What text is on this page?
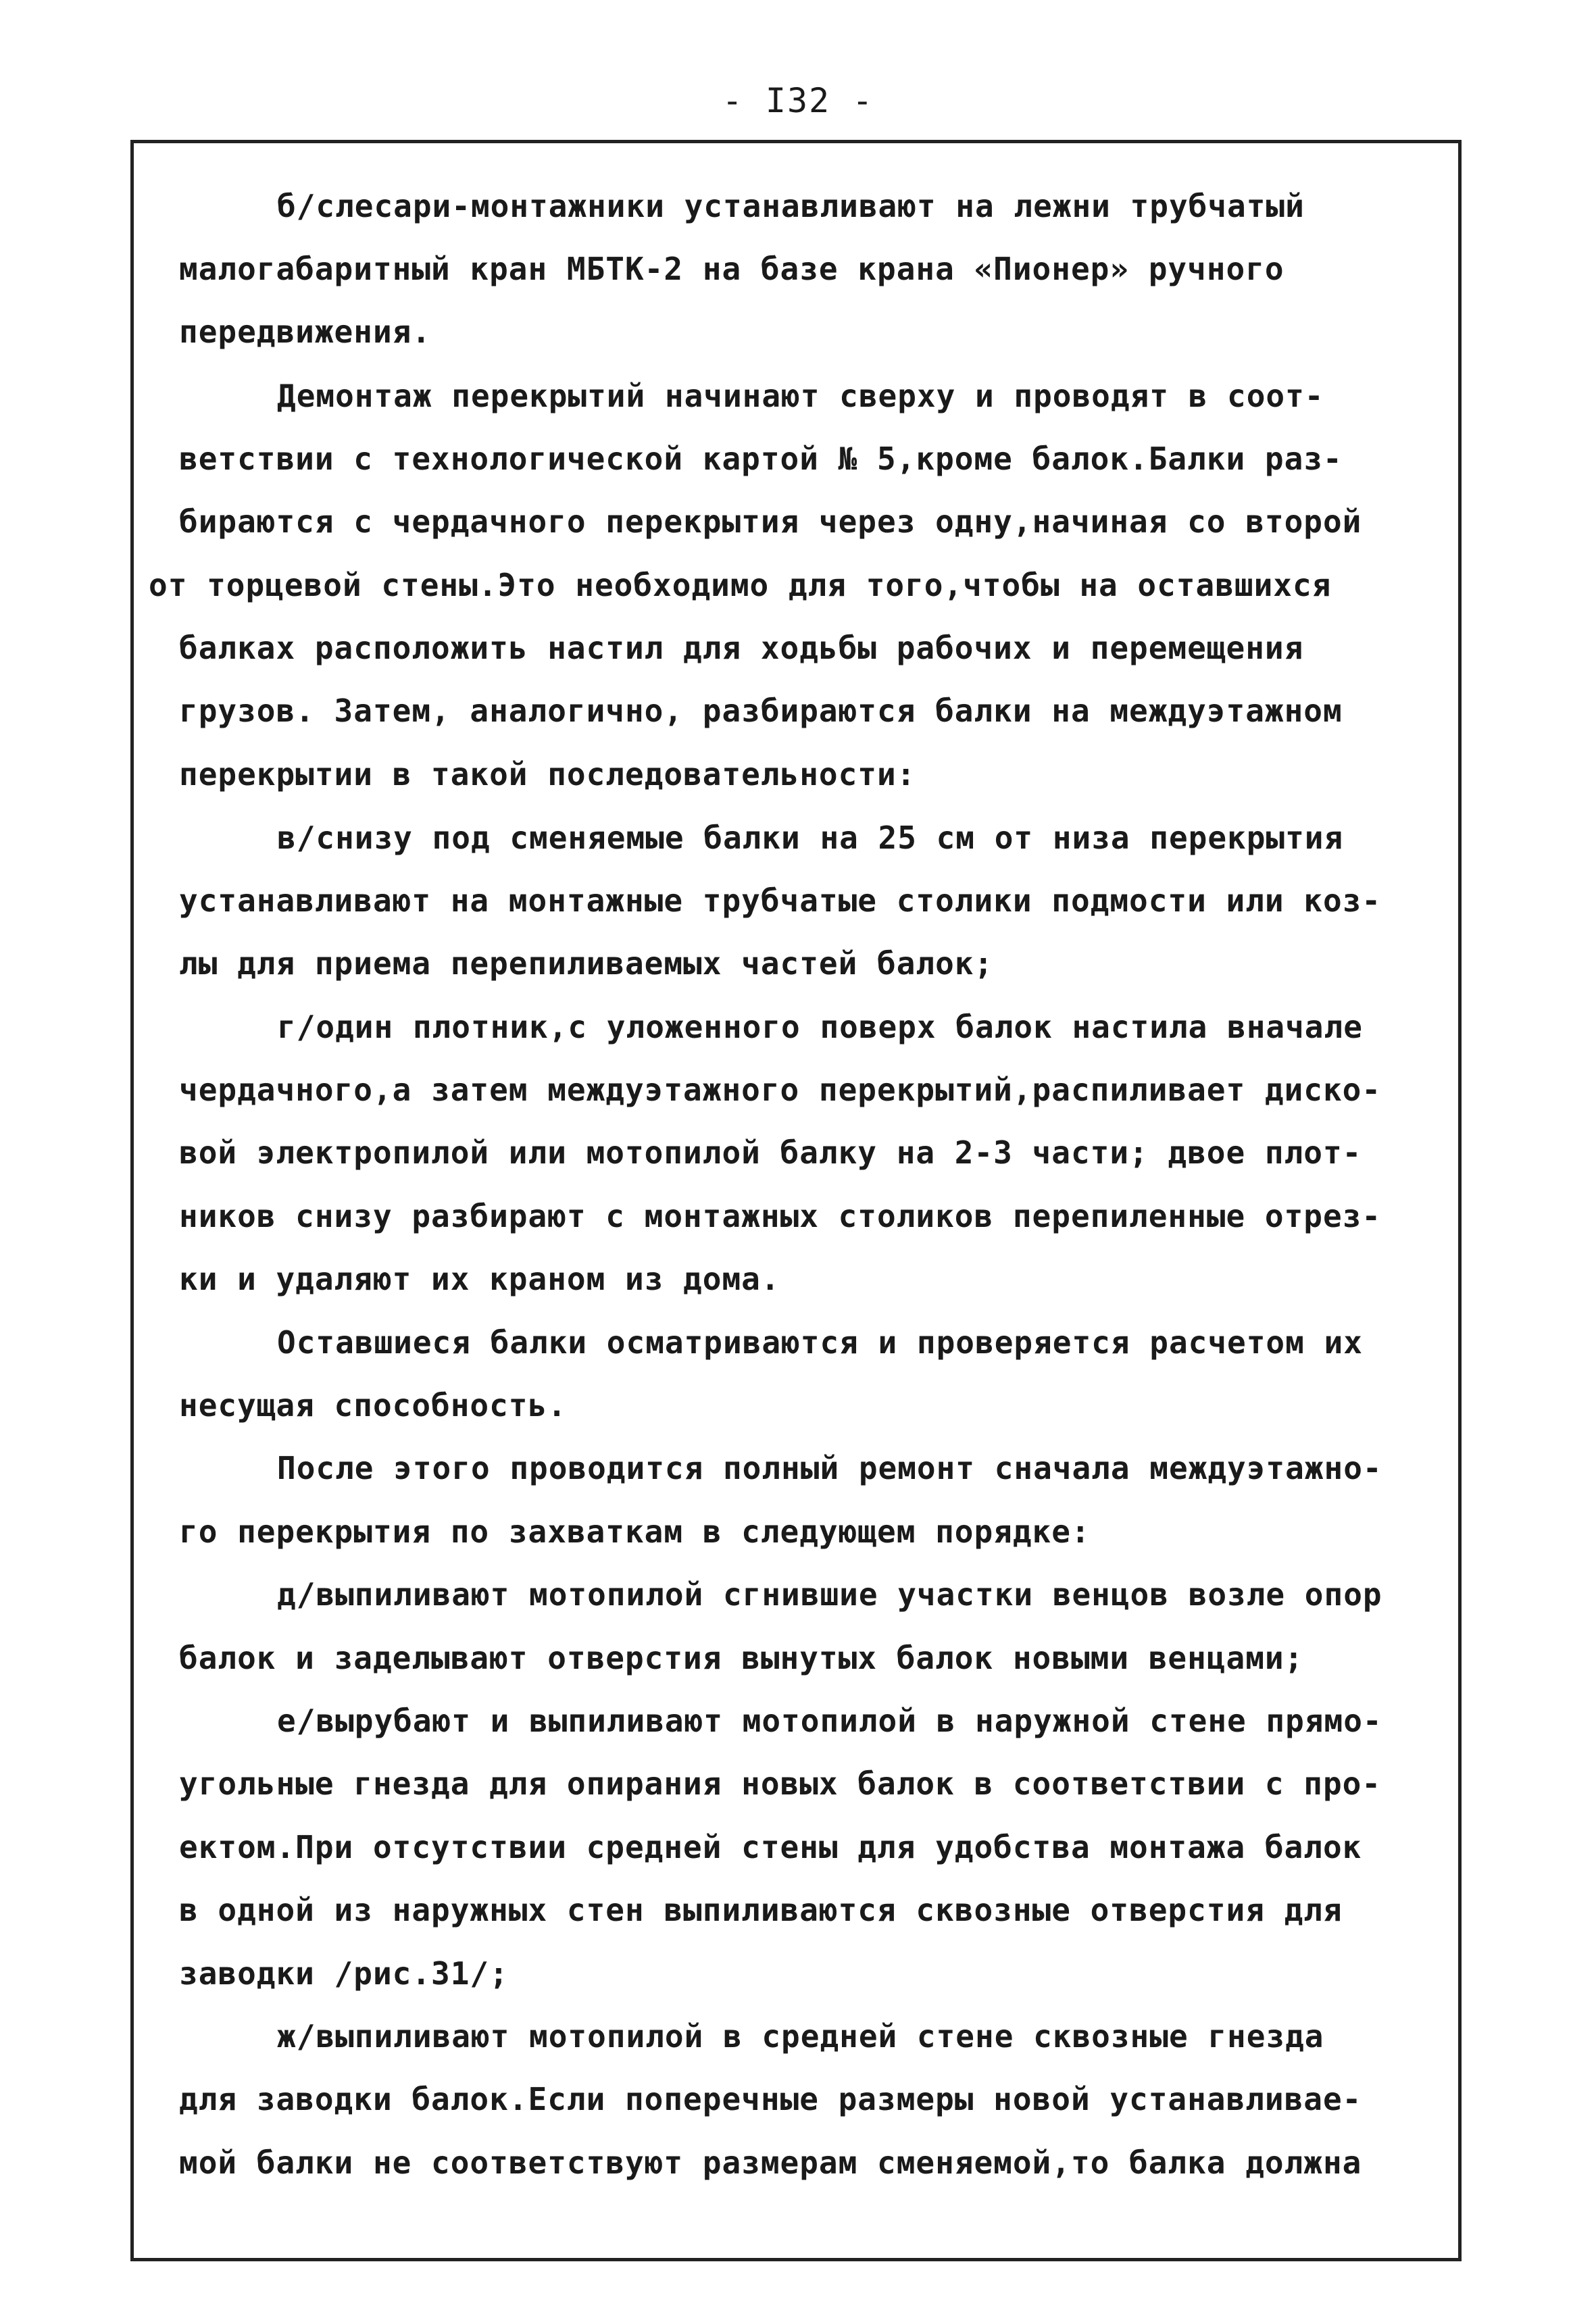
- I32 -
б/слесари-монтажники устанавливают на лежни трубчатый
малогабаритный кран МБТК-2 на базе крана «Пионер» ручного
передвижения.
Демонтаж перекрытий начинают сверху и проводят в соот-
ветствии с технологической картой № 5,кроме балок.Балки раз-
бираются с чердачного перекрытия через одну,начиная со второй
от торцевой стены.Это необходимо для того,чтобы на оставшихся
балках расположить настил для ходьбы рабочих и перемещения
грузов. Затем, аналогично, разбираются балки на междуэтажном
перекрытии в такой последовательности:
в/снизу под сменяемые балки на 25 см от низа перекрытия
устанавливают на монтажные трубчатые столики подмости или коз-
лы для приема перепиливаемых частей балок;
г/один плотник,с уложенного поверх балок настила вначале
чердачного,а затем междуэтажного перекрытий,распиливает диско-
вой электропилой или мотопилой балку на 2-3 части; двое плот-
ников снизу разбирают с монтажных столиков перепиленные отрез-
ки и удаляют их краном из дома.
Оставшиеся балки осматриваются и проверяется расчетом их
несущая способность.
После этого проводится полный ремонт сначала междуэтажно-
го перекрытия по захваткам в следующем порядке:
д/выпиливают мотопилой сгнившие участки венцов возле опор
балок и заделывают отверстия вынутых балок новыми венцами;
е/вырубают и выпиливают мотопилой в наружной стене прямо-
угольные гнезда для опирания новых балок в соответствии с про-
ектом.При отсутствии средней стены для удобства монтажа балок
в одной из наружных стен выпиливаются сквозные отверстия для
заводки /рис.31/;
ж/выпиливают мотопилой в средней стене сквозные гнезда
для заводки балок.Если поперечные размеры новой устанавливае-
мой балки не соответствуют размерам сменяемой,то балка должна
